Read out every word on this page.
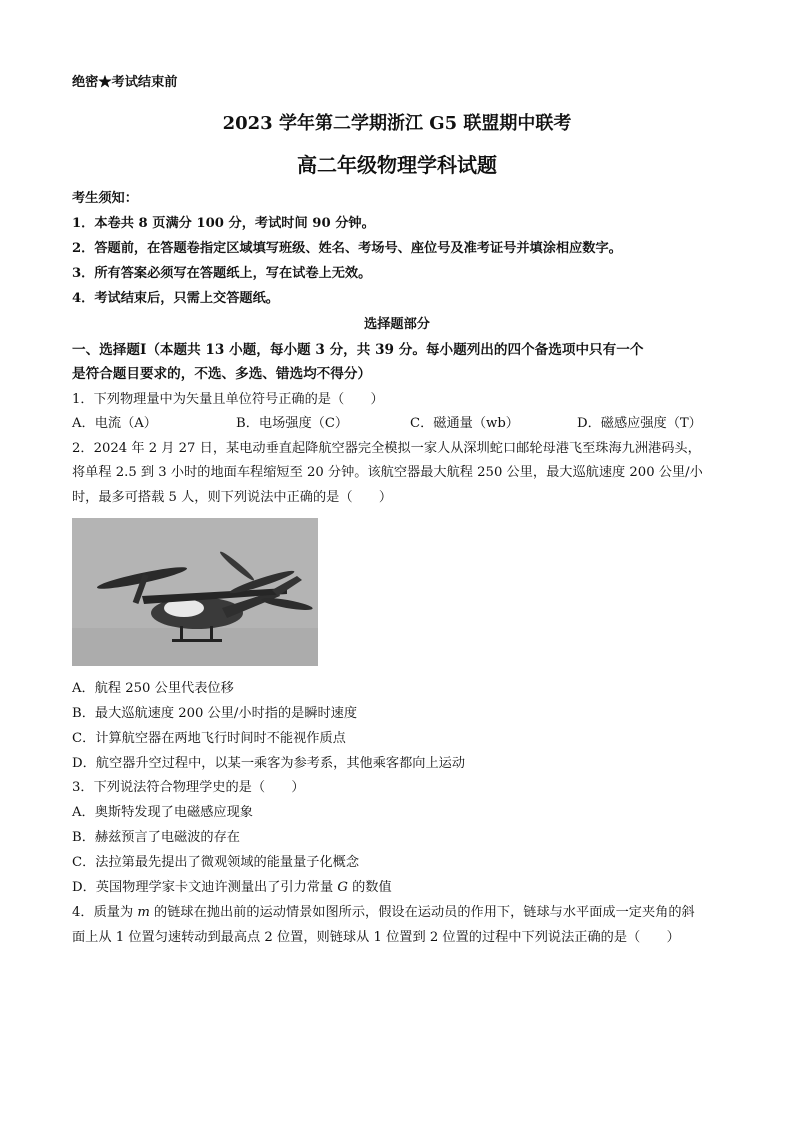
绝密★考试结束前
2023 学年第二学期浙江 G5 联盟期中联考
高二年级物理学科试题
考生须知：
1．本卷共 8 页满分 100 分，考试时间 90 分钟。
2．答题前，在答题卷指定区域填写班级、姓名、考场号、座位号及准考证号并填涂相应数字。
3．所有答案必须写在答题纸上，写在试卷上无效。
4．考试结束后，只需上交答题纸。
选择题部分
一、选择题Ⅰ（本题共 13 小题，每小题 3 分，共 39 分。每小题列出的四个备选项中只有一个
是符合题目要求的，不选、多选、错选均不得分）
1．下列物理量中为矢量且单位符号正确的是（　　）
A．电流（A）	B．电场强度（C）	C．磁通量（wb）	D．磁感应强度（T）
2．2024 年 2 月 27 日，某电动垂直起降航空器完全模拟一家人从深圳蛇口邮轮母港飞至珠海九洲港码头，
将单程 2.5 到 3 小时的地面车程缩短至 20 分钟。该航空器最大航程 250 公里，最大巡航速度 200 公里/小
时，最多可搭载 5 人，则下列说法中正确的是（　　）
A．航程 250 公里代表位移
B．最大巡航速度 200 公里/小时指的是瞬时速度
C．计算航空器在两地飞行时间时不能视作质点
D．航空器升空过程中，以某一乘客为参考系，其他乘客都向上运动
3．下列说法符合物理学史的是（　　）
A．奥斯特发现了电磁感应现象
B．赫兹预言了电磁波的存在
C．法拉第最先提出了微观领域的能量量子化概念
D．英国物理学家卡文迪许测量出了引力常量 G 的数值
4．质量为 m 的链球在抛出前的运动情景如图所示，假设在运动员的作用下，链球与水平面成一定夹角的斜
面上从 1 位置匀速转动到最高点 2 位置，则链球从 1 位置到 2 位置的过程中下列说法正确的是（　　）
